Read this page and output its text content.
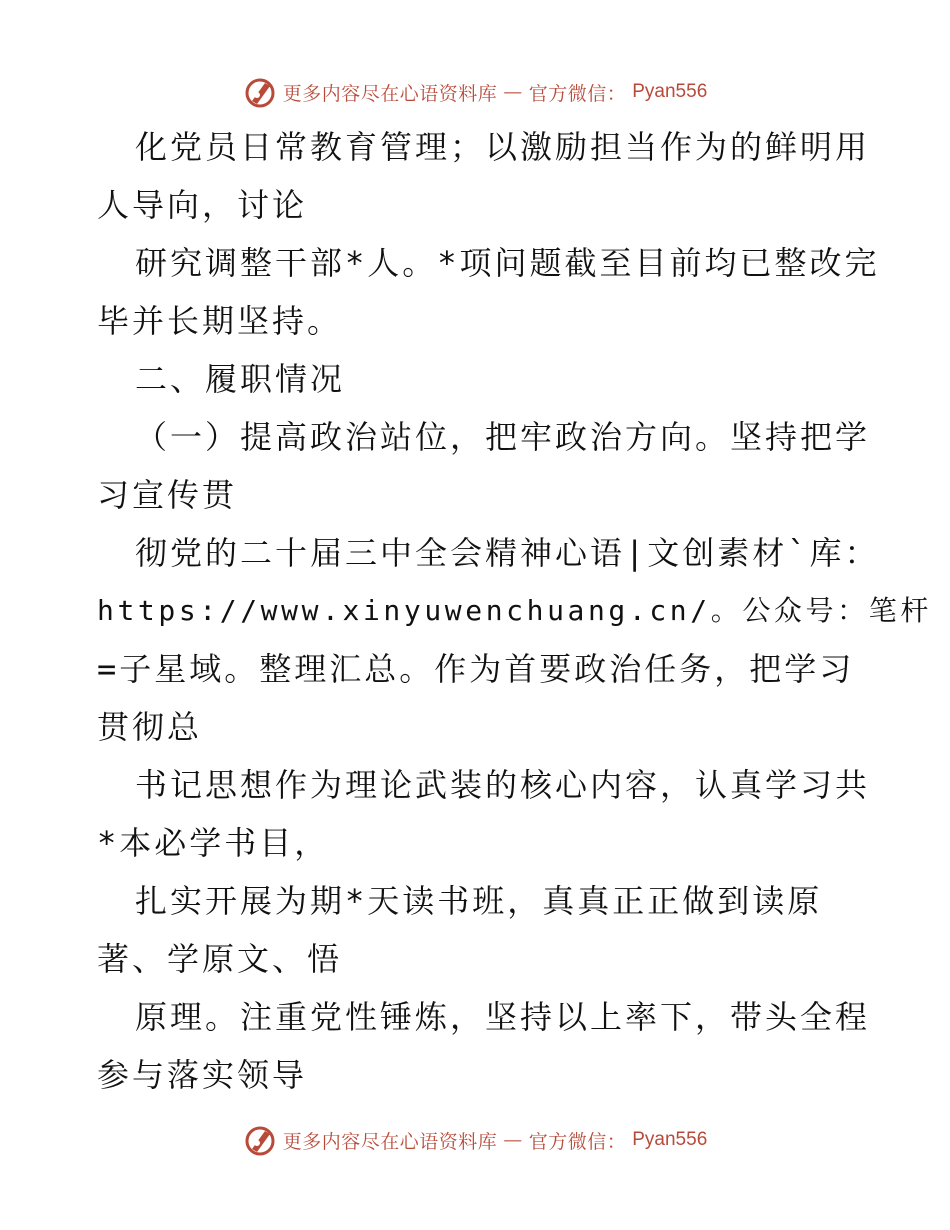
更多内容尽在心语资料库 — 官方微信： Pyan556
化党员日常教育管理；以激励担当作为的鲜明用
人导向，讨论
研究调整干部*人。*项问题截至目前均已整改完
毕并长期坚持。
二、履职情况
（一）提高政治站位，把牢政治方向。坚持把学
习宣传贯
彻党的二十届三中全会精神心语|文创素材`库：
https://www.xinyuwenchuang.cn/。公众号：笔杆
=子星域。整理汇总。作为首要政治任务，把学习
贯彻总
书记思想作为理论武装的核心内容，认真学习共
*本必学书目，
扎实开展为期*天读书班，真真正正做到读原
著、学原文、悟
原理。注重党性锤炼，坚持以上率下，带头全程
参与落实领导
更多内容尽在心语资料库 — 官方微信： Pyan556
